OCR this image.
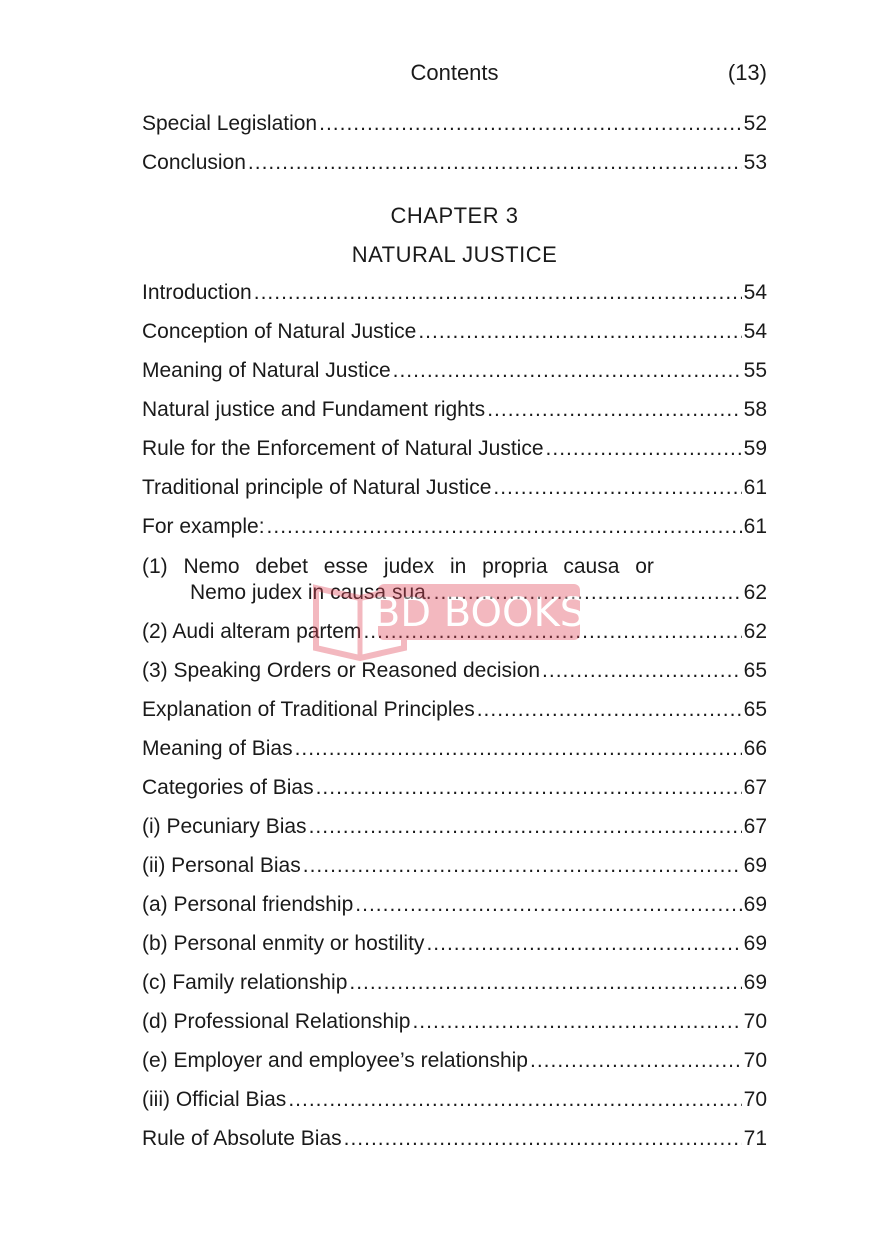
Contents	(13)
Special Legislation .....	52
Conclusion .....	53
CHAPTER 3
NATURAL JUSTICE
Introduction .....	54
Conception of Natural Justice .....	54
Meaning of Natural Justice .....	55
Natural justice and Fundament rights .....	58
Rule for the Enforcement of Natural Justice .....	59
Traditional principle of Natural Justice .....	61
For example: .....	61
(1) Nemo debet esse judex in propria causa or
Nemo judex in causa sua. .....	62
(2) Audi alteram partem .....	62
(3) Speaking Orders or Reasoned decision .....	65
Explanation of Traditional Principles .....	65
Meaning of Bias .....	66
Categories of Bias .....	67
(i) Pecuniary Bias .....	67
(ii) Personal Bias .....	69
(a) Personal friendship .....	69
(b) Personal enmity or hostility .....	69
(c) Family relationship .....	69
(d) Professional Relationship .....	70
(e) Employer and employee’s relationship .....	70
(iii) Official Bias .....	70
Rule of Absolute Bias .....	71
BD BOOKS
